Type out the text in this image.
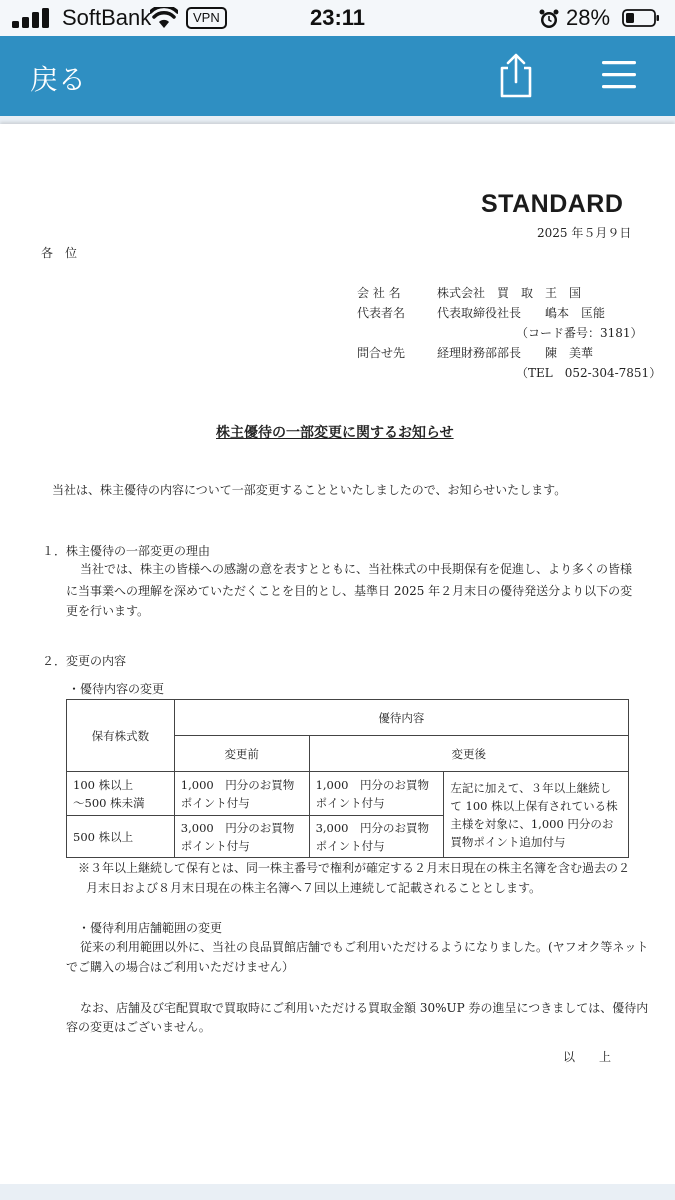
SoftBank	VPN	23:11	28%
戻る
STANDARD
2025 年５月９日
各　位
会 社 名	株式会社　買　取　王　国
代表者名	代表取締役社長　　嶋本　匡能
（コード番号：3181）
問合せ先	経理財務部部長　　陳　美華
（TEL　052-304-7851）
株主優待の一部変更に関するお知らせ
当社は、株主優待の内容について一部変更することといたしましたので、お知らせいたします。
１．株主優待の一部変更の理由
当社では、株主の皆様への感謝の意を表すとともに、当社株式の中長期保有を促進し、より多くの皆様
に当事業への理解を深めていただくことを目的とし、基準日 2025 年２月末日の優待発送分より以下の変
更を行います。
２．変更の内容
・優待内容の変更
保有株式数	優待内容		
	変更前	変更後	

100 株以上
～500 株未満	1,000　円分のお買物ポイント付与	1,000　円分のお買物ポイント付与	左記に加えて、３年以上継続して 100 株以上保有されている株主様を対象に、1,000 円分のお買物ポイント追加付与
500 株以上	3,000　円分のお買物ポイント付与	3,000　円分のお買物ポイント付与	
※３年以上継続して保有とは、同一株主番号で権利が確定する２月末日現在の株主名簿を含む過去の２
月末日および８月末日現在の株主名簿へ７回以上連続して記載されることとします。
・優待利用店舗範囲の変更
従来の利用範囲以外に、当社の良品買館店舗でもご利用いただけるようになりました。(ヤフオク等ネット
でご購入の場合はご利用いただけません）
なお、店舗及び宅配買取で買取時にご利用いただける買取金額 30%UP 券の進呈につきましては、優待内
容の変更はございません。
以　　上
